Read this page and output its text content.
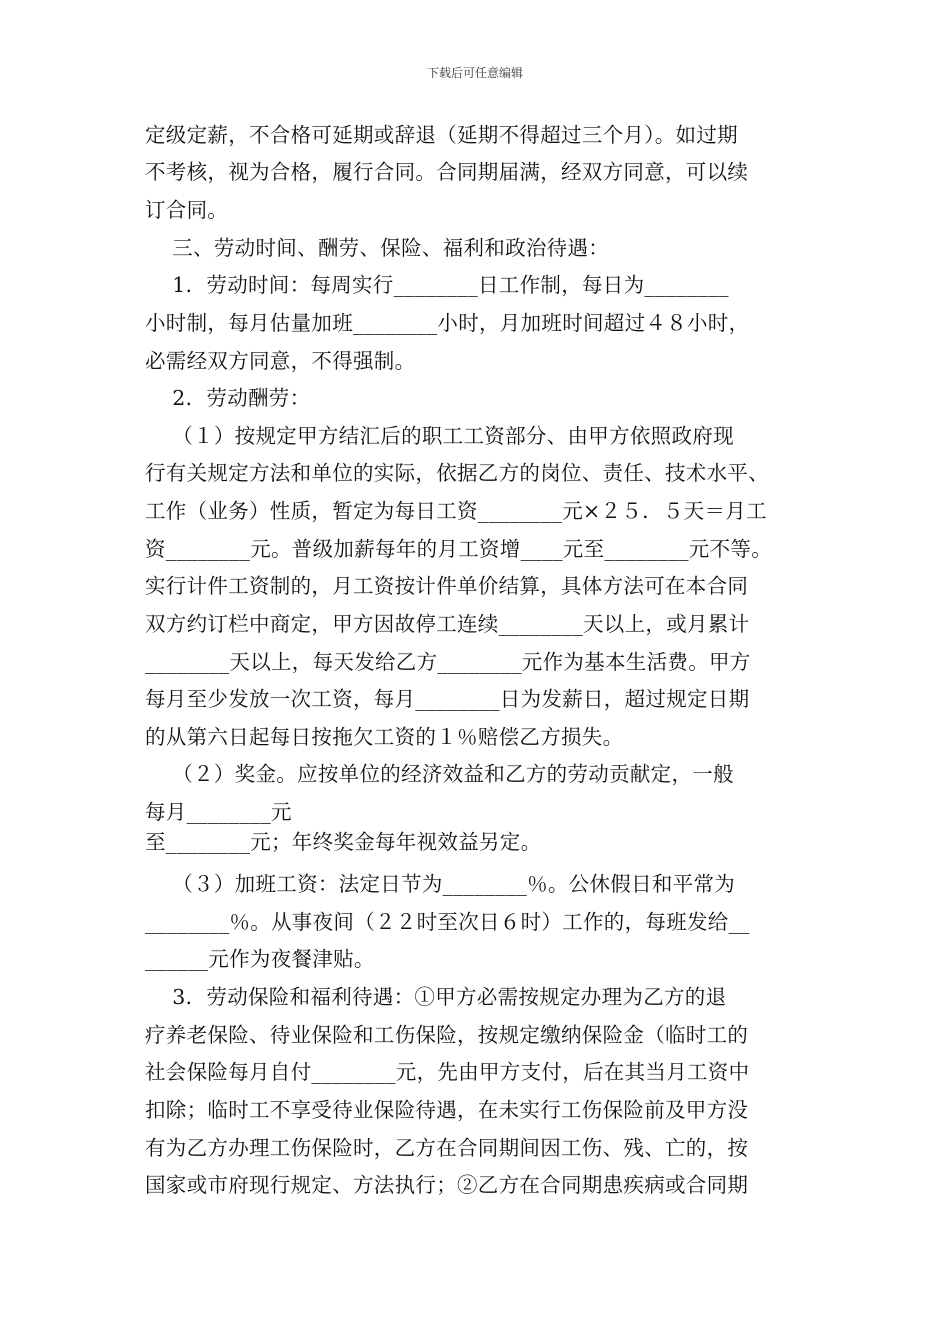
下载后可任意编辑
定级定薪，不合格可延期或辞退（延期不得超过三个月）。如过期
不考核，视为合格，履行合同。合同期届满，经双方同意，可以续
订合同。
三、劳动时间、酬劳、保险、福利和政治待遇：
1．劳动时间：每周实行________日工作制，每日为________
小时制，每月估量加班________小时，月加班时间超过４８小时，
必需经双方同意，不得强制。
2．劳动酬劳：
（１）按规定甲方结汇后的职工工资部分、由甲方依照政府现
行有关规定方法和单位的实际，依据乙方的岗位、责任、技术水平、
工作（业务）性质，暂定为每日工资________元×２５．５天＝月工
资________元。普级加薪每年的月工资增____元至________元不等。
实行计件工资制的，月工资按计件单价结算，具体方法可在本合同
双方约订栏中商定，甲方因故停工连续________天以上，或月累计
________天以上，每天发给乙方________元作为基本生活费。甲方
每月至少发放一次工资，每月________日为发薪日，超过规定日期
的从第六日起每日按拖欠工资的１％赔偿乙方损失。
（２）奖金。应按单位的经济效益和乙方的劳动贡献定，一般
每月________元
至________元；年终奖金每年视效益另定。
（３）加班工资：法定日节为________％。公休假日和平常为
________％。从事夜间（２２时至次日６时）工作的，每班发给__
______元作为夜餐津贴。
3．劳动保险和福利待遇：①甲方必需按规定办理为乙方的退
疗养老保险、待业保险和工伤保险，按规定缴纳保险金（临时工的
社会保险每月自付________元，先由甲方支付，后在其当月工资中
扣除；临时工不享受待业保险待遇，在未实行工伤保险前及甲方没
有为乙方办理工伤保险时，乙方在合同期间因工伤、残、亡的，按
国家或市府现行规定、方法执行；②乙方在合同期患疾病或合同期
